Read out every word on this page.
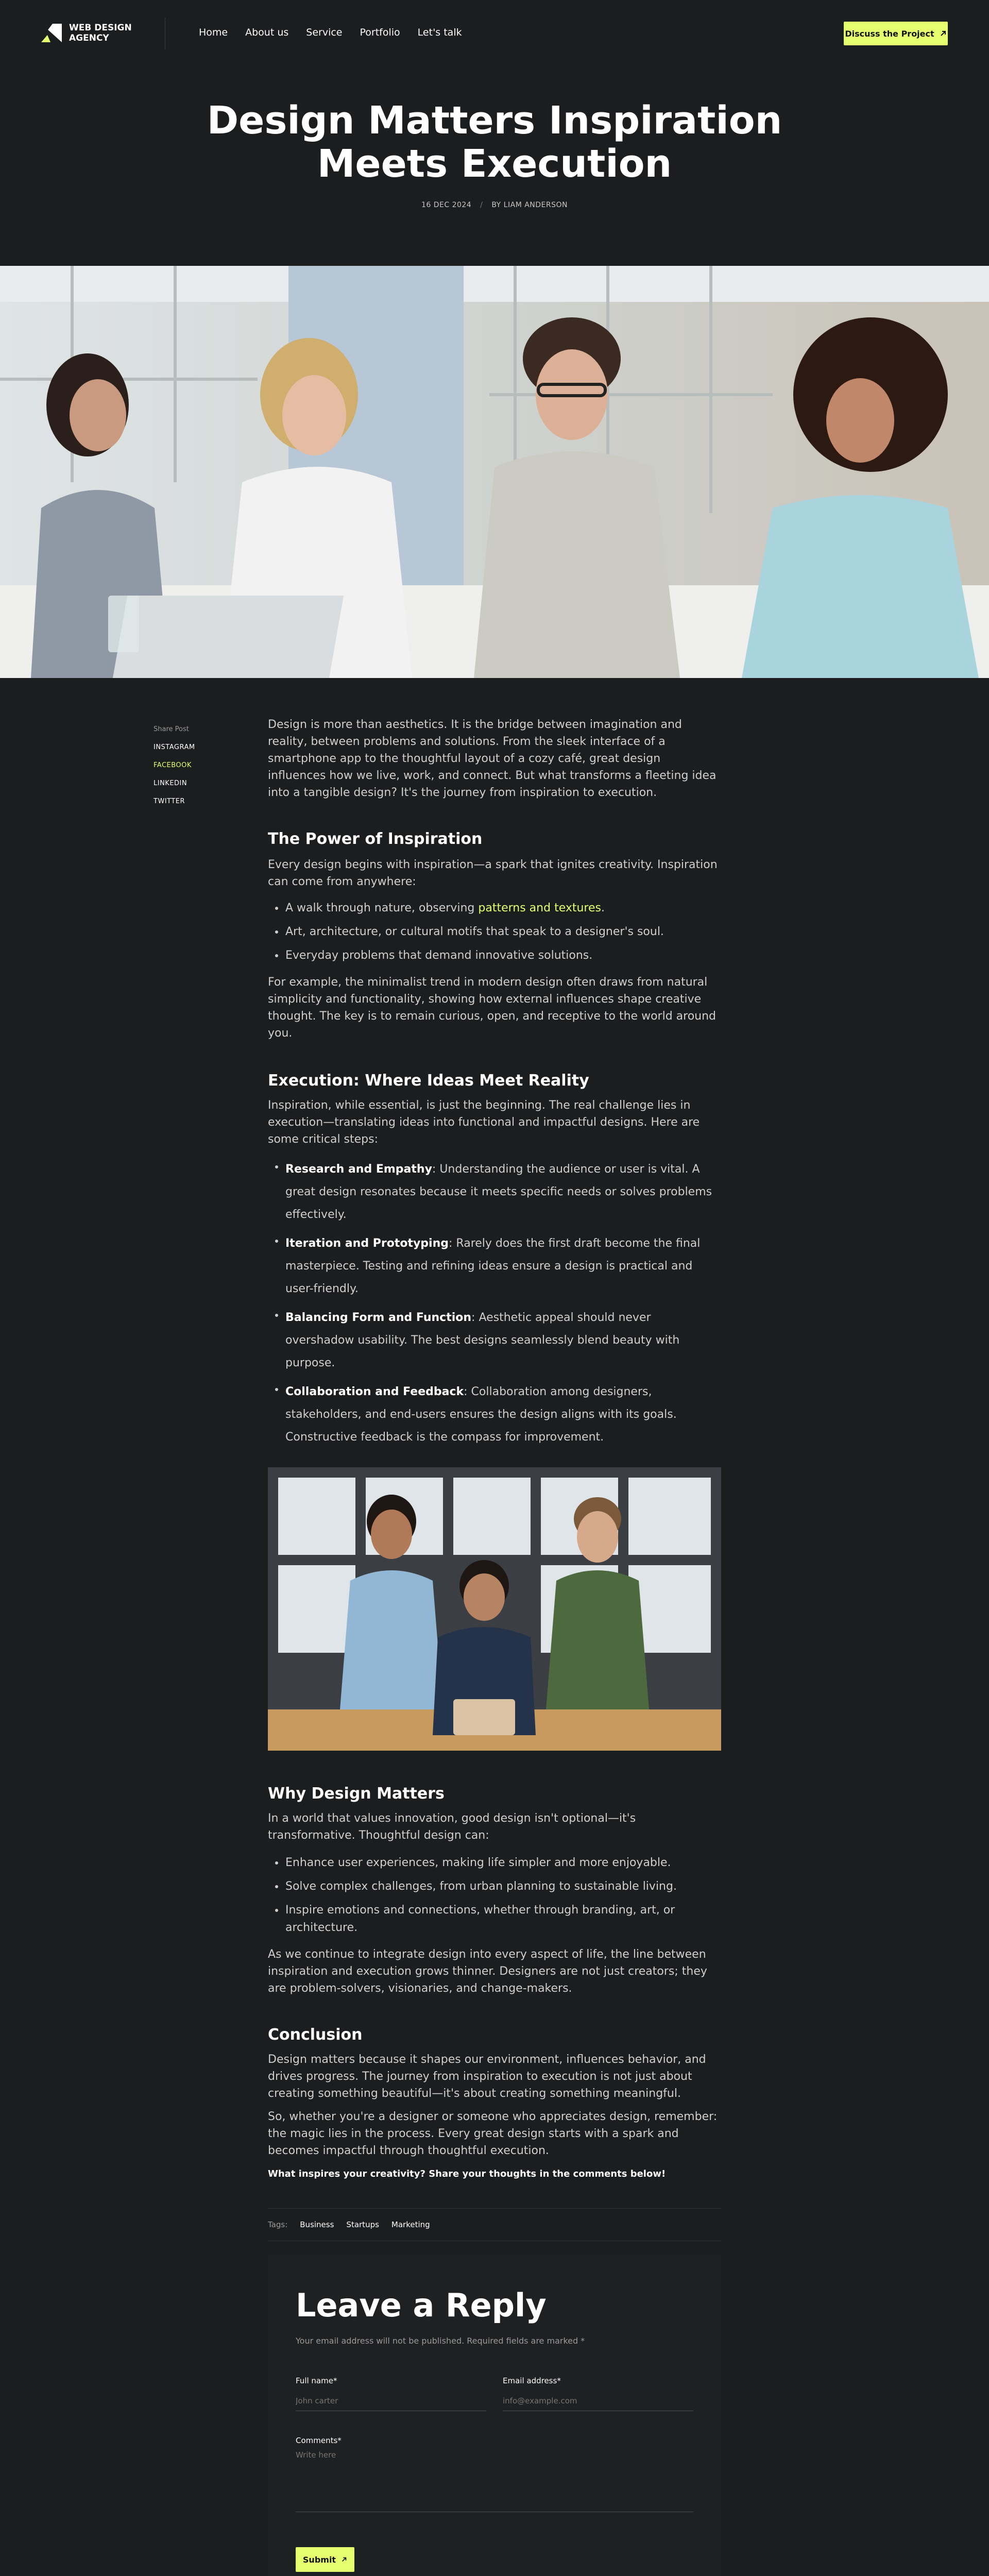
WEB DESIGN AGENCY	Home About us Service Portfolio Let's talk	Discuss the Project
Design Matters Inspiration Meets Execution
16 DEC 2024 / BY LIAM ANDERSON
Share Post
INSTAGRAM
FACEBOOK
LINKEDIN
TWITTER

Design is more than aesthetics. It is the bridge between imagination and reality, between problems and solutions. From the sleek interface of a smartphone app to the thoughtful layout of a cozy café, great design influences how we live, work, and connect. But what transforms a fleeting idea into a tangible design? It's the journey from inspiration to execution.

The Power of Inspiration

Every design begins with inspiration—a spark that ignites creativity. Inspiration can come from anywhere:

A walk through nature, observing patterns and textures.
Art, architecture, or cultural motifs that speak to a designer's soul.
Everyday problems that demand innovative solutions.

For example, the minimalist trend in modern design often draws from natural simplicity and functionality, showing how external influences shape creative thought. The key is to remain curious, open, and receptive to the world around you.

Execution: Where Ideas Meet Reality

Inspiration, while essential, is just the beginning. The real challenge lies in execution—translating ideas into functional and impactful designs. Here are some critical steps:

Research and Empathy: Understanding the audience or user is vital. A great design resonates because it meets specific needs or solves problems effectively.
Iteration and Prototyping: Rarely does the first draft become the final masterpiece. Testing and refining ideas ensure a design is practical and user-friendly.
Balancing Form and Function: Aesthetic appeal should never overshadow usability. The best designs seamlessly blend beauty with purpose.
Collaboration and Feedback: Collaboration among designers, stakeholders, and end-users ensures the design aligns with its goals. Constructive feedback is the compass for improvement.
Why Design Matters

In a world that values innovation, good design isn't optional—it's transformative. Thoughtful design can:

Enhance user experiences, making life simpler and more enjoyable.
Solve complex challenges, from urban planning to sustainable living.
Inspire emotions and connections, whether through branding, art, or architecture.

As we continue to integrate design into every aspect of life, the line between inspiration and execution grows thinner. Designers are not just creators; they are problem-solvers, visionaries, and change-makers.

Conclusion

Design matters because it shapes our environment, influences behavior, and drives progress. The journey from inspiration to execution is not just about creating something beautiful—it's about creating something meaningful.

So, whether you're a designer or someone who appreciates design, remember: the magic lies in the process. Every great design starts with a spark and becomes impactful through thoughtful execution.

What inspires your creativity? Share your thoughts in the comments below!

Tags: Business Startups Marketing
Leave a Reply

Your email address will not be published. Required fields are marked *

Full name*
John carter	Email address*
info@example.com
Comments*
Write here
Submit
